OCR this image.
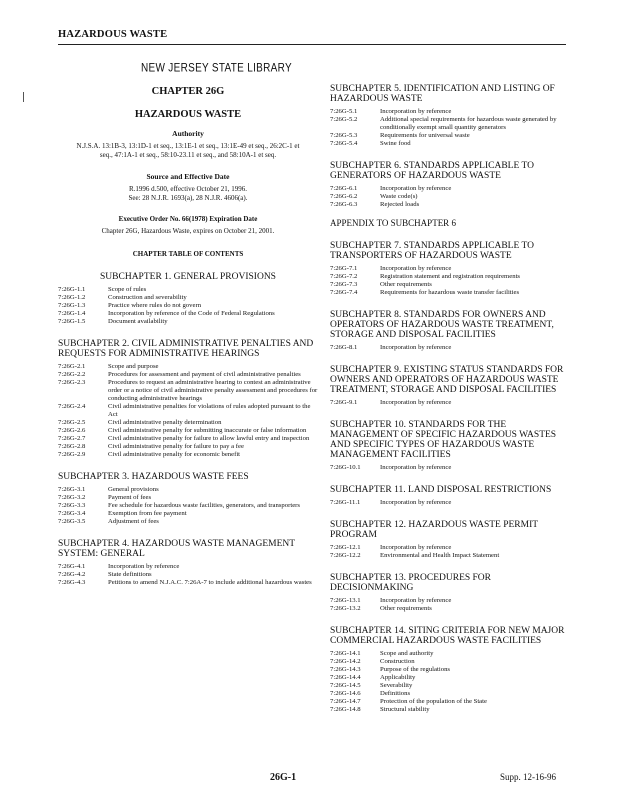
HAZARDOUS WASTE
NEW JERSEY STATE LIBRARY
CHAPTER 26G
HAZARDOUS WASTE
Authority
N.J.S.A. 13:1B-3, 13:1D-1 et seq., 13:1E-1 et seq., 13:1E-49 et seq., 26:2C-1 et seq., 47:1A-1 et seq., 58:10-23.11 et seq., and 58:10A-1 et seq.
Source and Effective Date
R.1996 d.500, effective October 21, 1996.
See: 28 N.J.R. 1693(a), 28 N.J.R. 4606(a).
Executive Order No. 66(1978) Expiration Date
Chapter 26G, Hazardous Waste, expires on October 21, 2001.
CHAPTER TABLE OF CONTENTS
SUBCHAPTER 1. GENERAL PROVISIONS
7:26G-1.1	Scope of rules
7:26G-1.2	Construction and severability
7:26G-1.3	Practice where rules do not govern
7:26G-1.4	Incorporation by reference of the Code of Federal Regulations
7:26G-1.5	Document availability
SUBCHAPTER 2. CIVIL ADMINISTRATIVE PENALTIES AND REQUESTS FOR ADMINISTRATIVE HEARINGS
7:26G-2.1	Scope and purpose
7:26G-2.2	Procedures for assessment and payment of civil administrative penalties
7:26G-2.3	Procedures to request an administrative hearing to contest an administrative order or a notice of civil administrative penalty assessment and procedures for conducting administrative hearings
7:26G-2.4	Civil administrative penalties for violations of rules adopted pursuant to the Act
7:26G-2.5	Civil administrative penalty determination
7:26G-2.6	Civil administrative penalty for submitting inaccurate or false information
7:26G-2.7	Civil administrative penalty for failure to allow lawful entry and inspection
7:26G-2.8	Civil administrative penalty for failure to pay a fee
7:26G-2.9	Civil administrative penalty for economic benefit
SUBCHAPTER 3. HAZARDOUS WASTE FEES
7:26G-3.1	General provisions
7:26G-3.2	Payment of fees
7:26G-3.3	Fee schedule for hazardous waste facilities, generators, and transporters
7:26G-3.4	Exemption from fee payment
7:26G-3.5	Adjustment of fees
SUBCHAPTER 4. HAZARDOUS WASTE MANAGEMENT SYSTEM: GENERAL
7:26G-4.1	Incorporation by reference
7:26G-4.2	State definitions
7:26G-4.3	Petitions to amend N.J.A.C. 7:26A-7 to include additional hazardous wastes
SUBCHAPTER 5. IDENTIFICATION AND LISTING OF HAZARDOUS WASTE
7:26G-5.1	Incorporation by reference
7:26G-5.2	Additional special requirements for hazardous waste generated by conditionally exempt small quantity generators
7:26G-5.3	Requirements for universal waste
7:26G-5.4	Swine food
SUBCHAPTER 6. STANDARDS APPLICABLE TO GENERATORS OF HAZARDOUS WASTE
7:26G-6.1	Incorporation by reference
7:26G-6.2	Waste code(s)
7:26G-6.3	Rejected loads
APPENDIX TO SUBCHAPTER 6
SUBCHAPTER 7. STANDARDS APPLICABLE TO TRANSPORTERS OF HAZARDOUS WASTE
7:26G-7.1	Incorporation by reference
7:26G-7.2	Registration statement and registration requirements
7:26G-7.3	Other requirements
7:26G-7.4	Requirements for hazardous waste transfer facilities
SUBCHAPTER 8. STANDARDS FOR OWNERS AND OPERATORS OF HAZARDOUS WASTE TREATMENT, STORAGE AND DISPOSAL FACILITIES
7:26G-8.1	Incorporation by reference
SUBCHAPTER 9. EXISTING STATUS STANDARDS FOR OWNERS AND OPERATORS OF HAZARDOUS WASTE TREATMENT, STORAGE AND DISPOSAL FACILITIES
7:26G-9.1	Incorporation by reference
SUBCHAPTER 10. STANDARDS FOR THE MANAGEMENT OF SPECIFIC HAZARDOUS WASTES AND SPECIFIC TYPES OF HAZARDOUS WASTE MANAGEMENT FACILITIES
7:26G-10.1	Incorporation by reference
SUBCHAPTER 11. LAND DISPOSAL RESTRICTIONS
7:26G-11.1	Incorporation by reference
SUBCHAPTER 12. HAZARDOUS WASTE PERMIT PROGRAM
7:26G-12.1	Incorporation by reference
7:26G-12.2	Environmental and Health Impact Statement
SUBCHAPTER 13. PROCEDURES FOR DECISIONMAKING
7:26G-13.1	Incorporation by reference
7:26G-13.2	Other requirements
SUBCHAPTER 14. SITING CRITERIA FOR NEW MAJOR COMMERCIAL HAZARDOUS WASTE FACILITIES
7:26G-14.1	Scope and authority
7:26G-14.2	Construction
7:26G-14.3	Purpose of the regulations
7:26G-14.4	Applicability
7:26G-14.5	Severability
7:26G-14.6	Definitions
7:26G-14.7	Protection of the population of the State
7:26G-14.8	Structural stability
26G-1	Supp. 12-16-96
